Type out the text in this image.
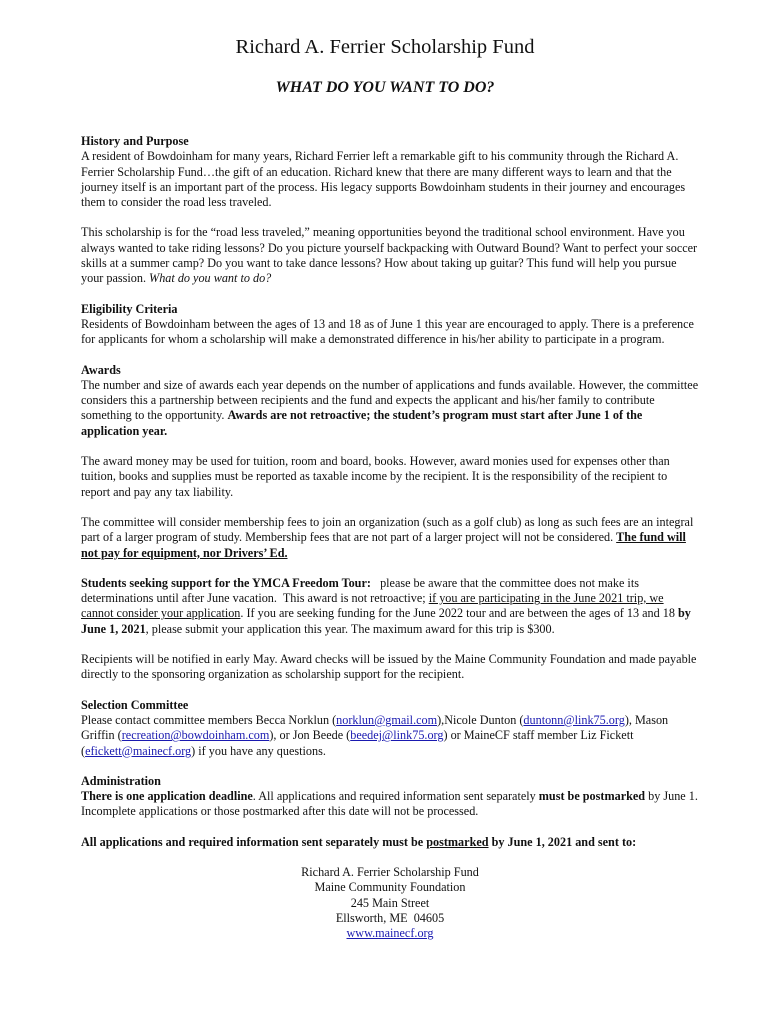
Richard A. Ferrier Scholarship Fund
WHAT DO YOU WANT TO DO?

History and Purpose

A resident of Bowdoinham for many years, Richard Ferrier left a remarkable gift to his community through the Richard A. Ferrier Scholarship Fund…the gift of an education. Richard knew that there are many different ways to learn and that the journey itself is an important part of the process. His legacy supports Bowdoinham students in their journey and encourages them to consider the road less traveled.

This scholarship is for the “road less traveled,” meaning opportunities beyond the traditional school environment. Have you always wanted to take riding lessons? Do you picture yourself backpacking with Outward Bound? Want to perfect your soccer skills at a summer camp? Do you want to take dance lessons? How about taking up guitar? This fund will help you pursue your passion. What do you want to do?

Eligibility Criteria

Residents of Bowdoinham between the ages of 13 and 18 as of June 1 this year are encouraged to apply. There is a preference for applicants for whom a scholarship will make a demonstrated difference in his/her ability to participate in a program.

Awards

The number and size of awards each year depends on the number of applications and funds available. However, the committee considers this a partnership between recipients and the fund and expects the applicant and his/her family to contribute something to the opportunity. Awards are not retroactive; the student’s program must start after June 1 of the application year.

The award money may be used for tuition, room and board, books. However, award monies used for expenses other than tuition, books and supplies must be reported as taxable income by the recipient. It is the responsibility of the recipient to report and pay any tax liability.

The committee will consider membership fees to join an organization (such as a golf club) as long as such fees are an integral part of a larger program of study. Membership fees that are not part of a larger project will not be considered. The fund will not pay for equipment, nor Drivers’ Ed.

Students seeking support for the YMCA Freedom Tour:   please be aware that the committee does not make its determinations until after June vacation.  This award is not retroactive; if you are participating in the June 2021 trip, we cannot consider your application. If you are seeking funding for the June 2022 tour and are between the ages of 13 and 18 by June 1, 2021, please submit your application this year. The maximum award for this trip is $300.

Recipients will be notified in early May. Award checks will be issued by the Maine Community Foundation and made payable directly to the sponsoring organization as scholarship support for the recipient.

Selection Committee

Please contact committee members Becca Norklun (norklun@gmail.com),Nicole Dunton (duntonn@link75.org), Mason Griffin (recreation@bowdoinham.com), or Jon Beede (beedej@link75.org) or MaineCF staff member Liz Fickett (efickett@mainecf.org) if you have any questions.

Administration

There is one application deadline. All applications and required information sent separately must be postmarked by June 1. Incomplete applications or those postmarked after this date will not be processed.

All applications and required information sent separately must be postmarked by June 1, 2021 and sent to:

Richard A. Ferrier Scholarship Fund

Maine Community Foundation

245 Main Street

Ellsworth, ME  04605

www.mainecf.org
